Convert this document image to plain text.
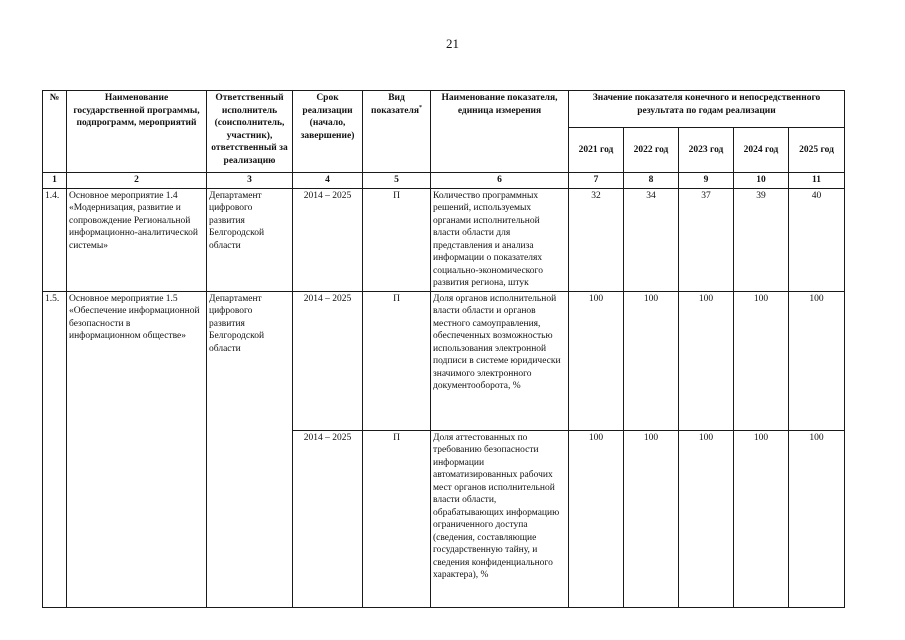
21
№	Наименование государственной программы, подпрограмм, мероприятий	Ответственный исполнитель (соисполнитель, участник), ответственный за реализацию	Срок реализации (начало, завершение)	Вид показателя*	Наименование показателя, единица измерения	Значение показателя конечного и непосредственного результата по годам реализации				
						2021 год	2022 год	2023 год	2024 год	2025 год
1	2	3	4	5	6	7	8	9	10	11
1.4.	Основное мероприятие 1.4 «Модернизация, развитие и сопровождение Региональной информационно-аналитической системы»	Департамент цифрового развития Белгородской области	2014 – 2025	П	Количество программных решений, используемых органами исполнительной власти области для представления и анализа информации о показателях социально-экономического развития региона, штук	32	34	37	39	40
1.5.	Основное мероприятие 1.5 «Обеспечение информационной безопасности в информационном обществе»	Департамент цифрового развития Белгородской области	2014 – 2025	П	Доля органов исполнительной власти области и органов местного самоуправления, обеспеченных возможностью использования электронной подписи в системе юридически значимого электронного документооборота, %	100	100	100	100	100
			2014 – 2025	П	Доля аттестованных по требованию безопасности информации автоматизированных рабочих мест органов исполнительной власти области, обрабатывающих информацию ограниченного доступа (сведения, составляющие государственную тайну, и сведения конфиденциального характера), %	100	100	100	100	100
